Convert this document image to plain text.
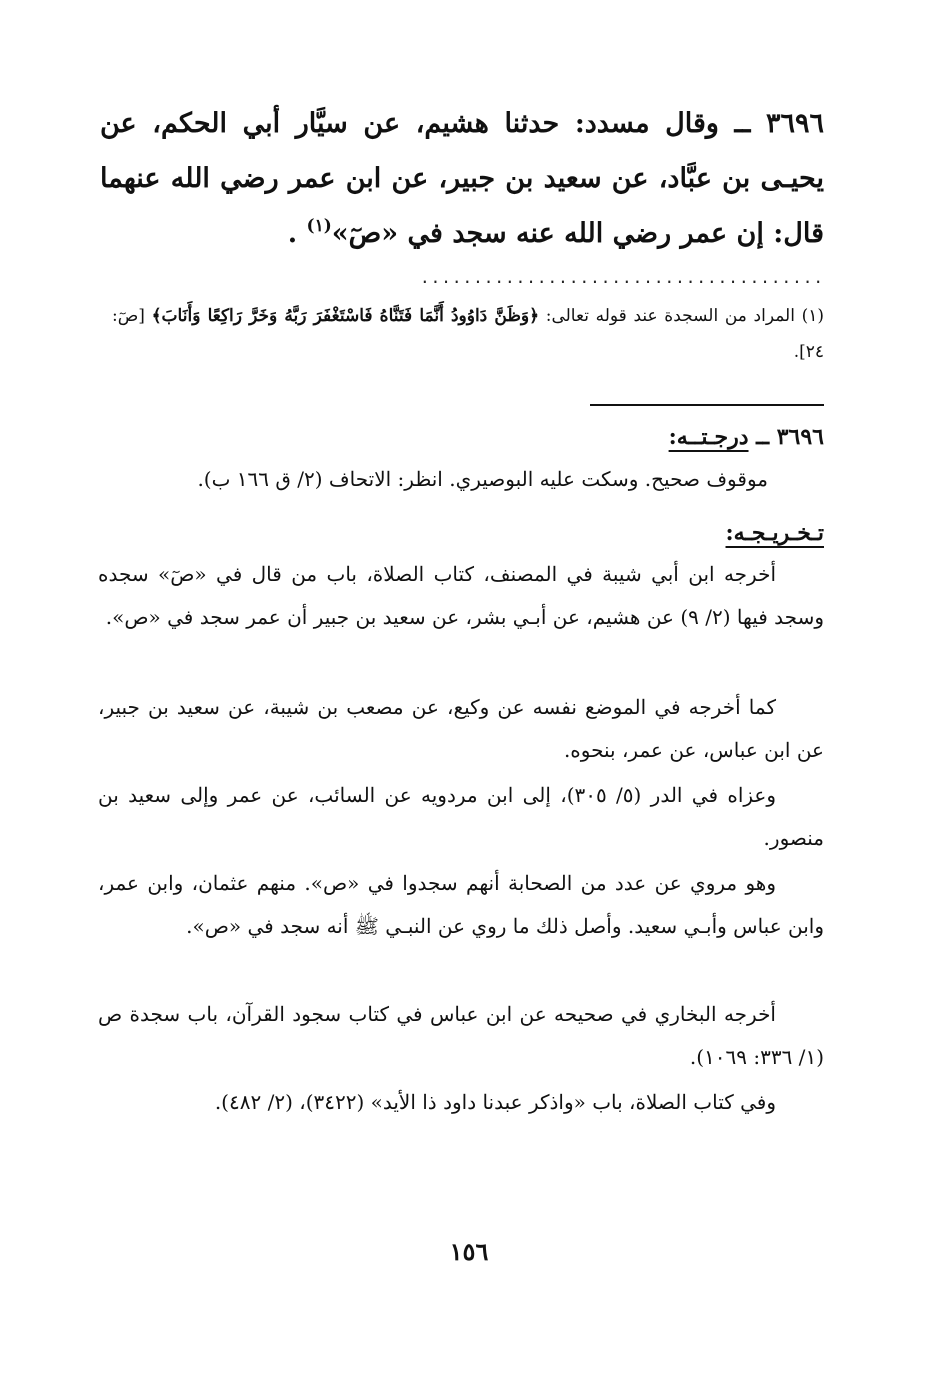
٣٦٩٦ ــ وقال مسدد: حدثنا هشيم، عن سيَّار أبي الحكم، عن يحيـى بن عبَّاد، عن سعيد بن جبير، عن ابن عمر رضي الله عنهما قال: إن عمر رضي الله عنه سجد في «صٓ»$^{(١)}$ .
......................................
(١) المراد من السجدة عند قوله تعالى: ﴿وَظَنَّ دَاوُودُ أَنَّمَا فَتَنَّاهُ فَاسْتَغْفَرَ رَبَّهُ وَخَرَّ رَاكِعًا وَأَنَابَ﴾ [صٓ: ٢٤].
٣٦٩٦ ــ درجـتــه:
موقوف صحيح. وسكت عليه البوصيري. انظر: الاتحاف (٢/ ق ١٦٦ ب).
تـخـريـجـه:
أخرجه ابن أبي شيبة في المصنف، كتاب الصلاة، باب من قال في «صٓ» سجده وسجد فيها (٢/ ٩) عن هشيم، عن أبـي بشر، عن سعيد بن جبير أن عمر سجد في «ص».
كما أخرجه في الموضع نفسه عن وكيع، عن مصعب بن شيبة، عن سعيد بن جبير، عن ابن عباس، عن عمر، بنحوه.
وعزاه في الدر (٥/ ٣٠٥)، إلى ابن مردويه عن السائب، عن عمر وإلى سعيد بن منصور.
وهو مروي عن عدد من الصحابة أنهم سجدوا في «ص». منهم عثمان، وابن عمر، وابن عباس وأبـي سعيد. وأصل ذلك ما روي عن النبـي ﷺ أنه سجد في «ص».
أخرجه البخاري في صحيحه عن ابن عباس في كتاب سجود القرآن، باب سجدة ص (١/ ٣٣٦: ١٠٦٩).
وفي كتاب الصلاة، باب «واذكر عبدنا داود ذا الأيد» (٣٤٢٢)، (٢/ ٤٨٢).
١٥٦
